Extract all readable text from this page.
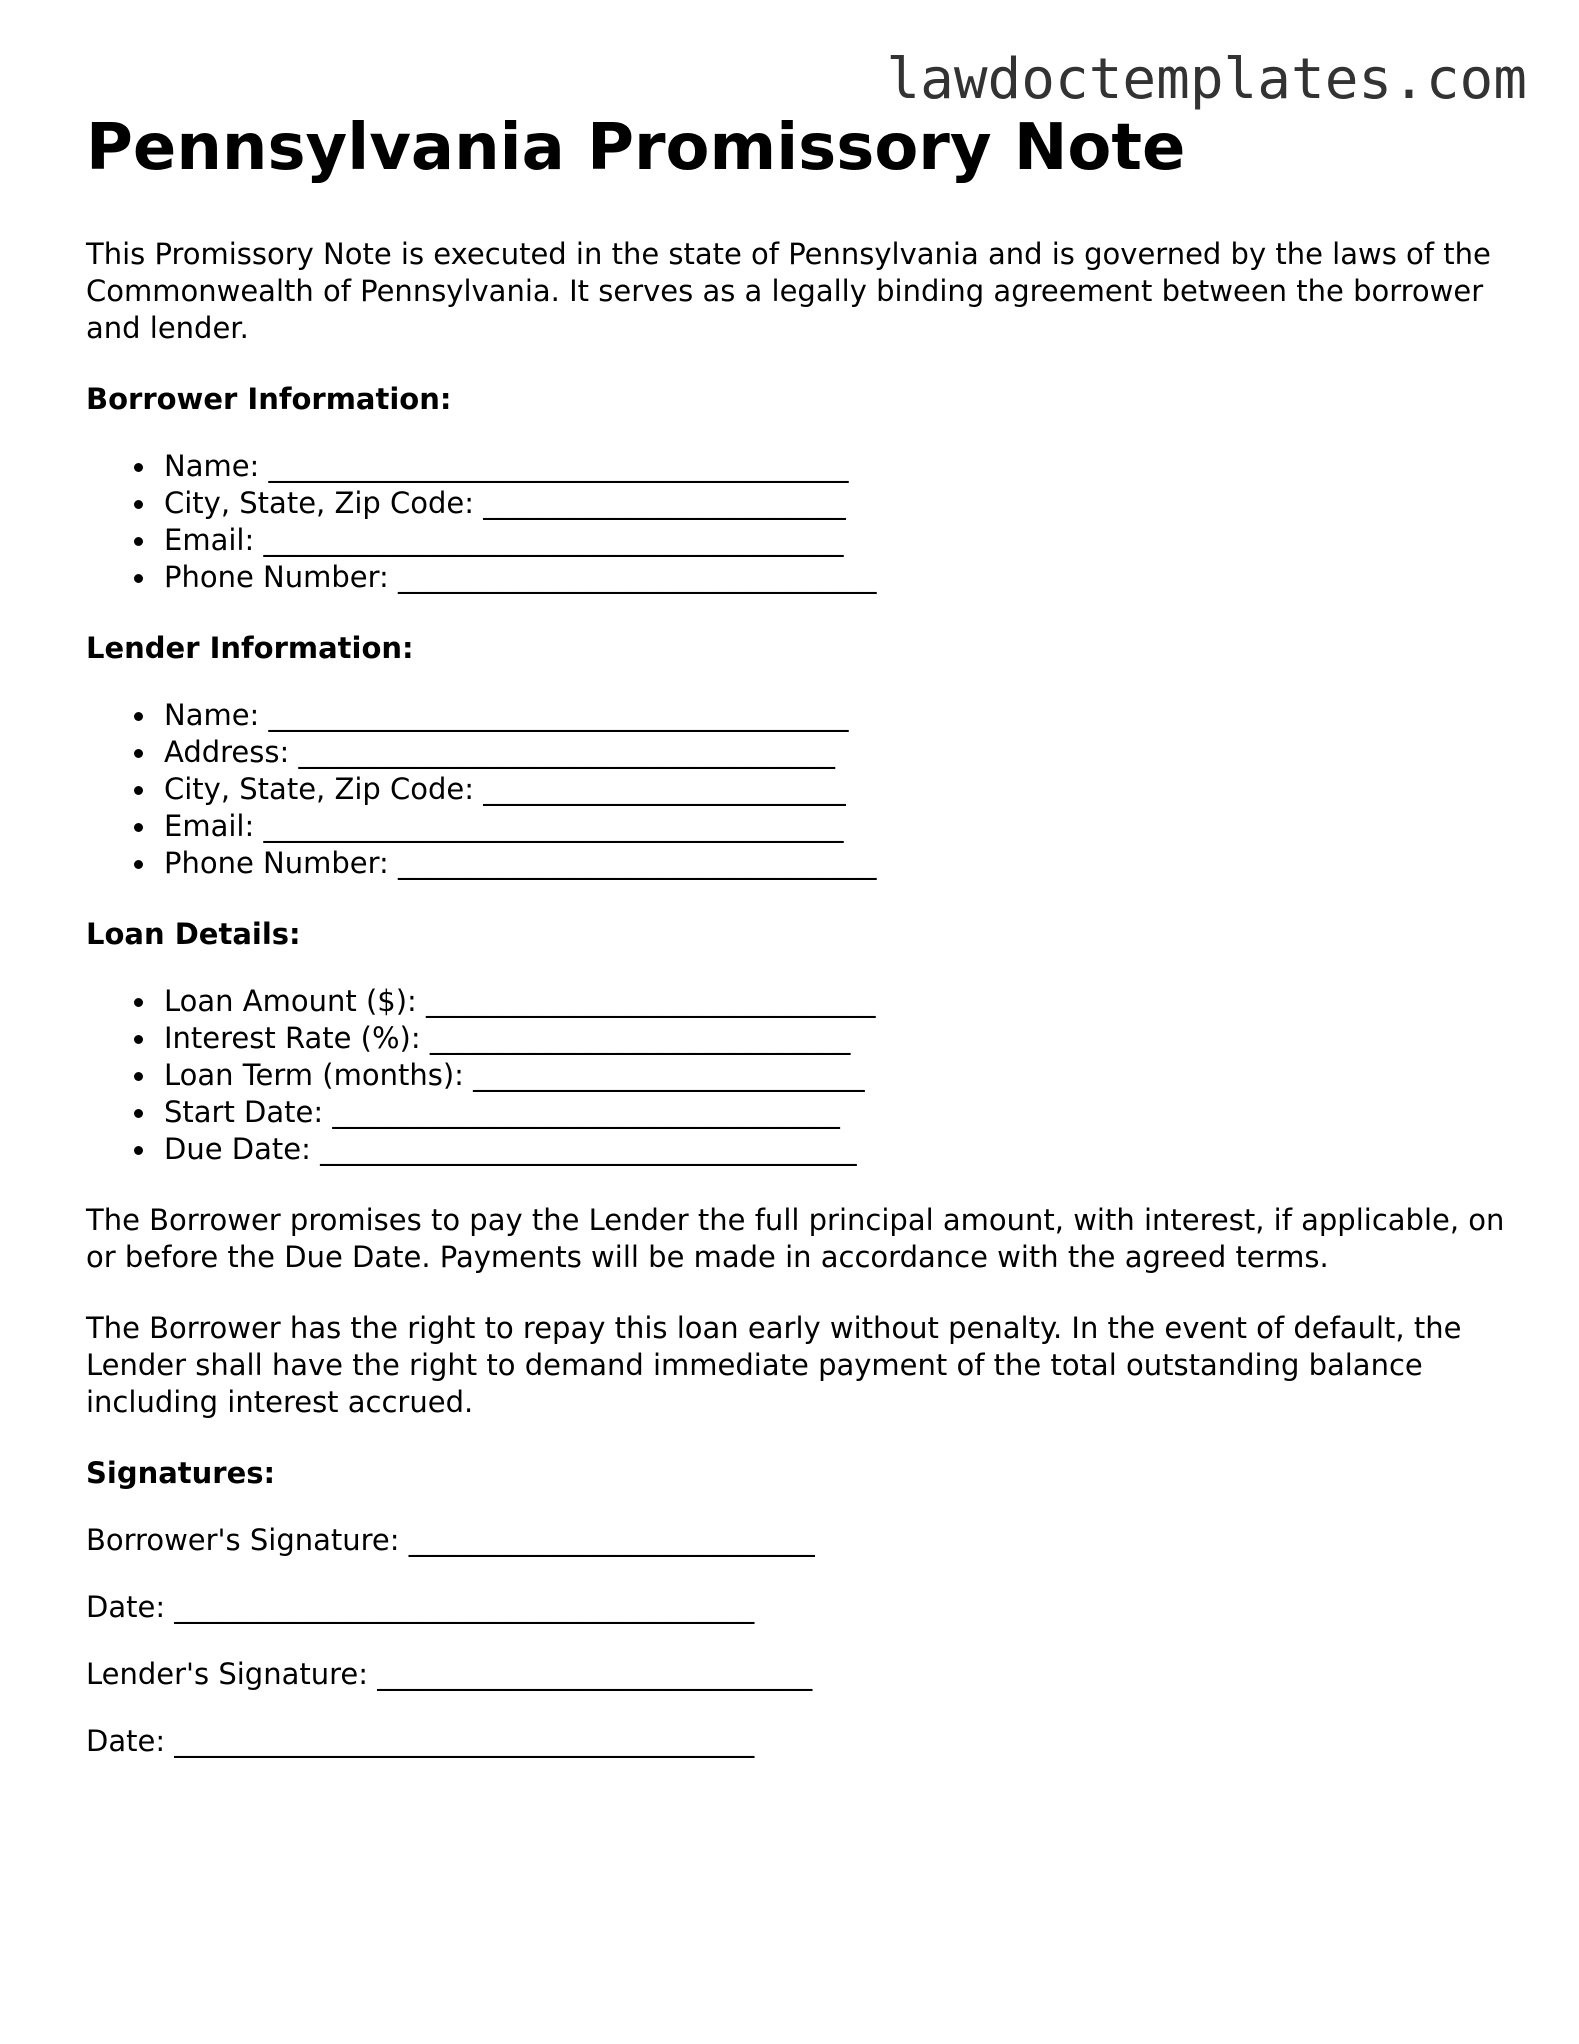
lawdoctemplates.com
Pennsylvania Promissory Note

This Promissory Note is executed in the state of Pennsylvania and is governed by the laws of the Commonwealth of Pennsylvania. It serves as a legally binding agreement between the borrower and lender.

Borrower Information:
Name: ________________________________________
City, State, Zip Code: _________________________
Email: ________________________________________
Phone Number: _________________________________
Lender Information:
Name: ________________________________________
Address: _____________________________________
City, State, Zip Code: _________________________
Email: ________________________________________
Phone Number: _________________________________
Loan Details:
Loan Amount ($): _______________________________
Interest Rate (%): _____________________________
Loan Term (months): ___________________________
Start Date: ___________________________________
Due Date: _____________________________________

The Borrower promises to pay the Lender the full principal amount, with interest, if applicable, on or before the Due Date. Payments will be made in accordance with the agreed terms.

The Borrower has the right to repay this loan early without penalty. In the event of default, the Lender shall have the right to demand immediate payment of the total outstanding balance including interest accrued.

Signatures:
Borrower's Signature: ____________________________
Date: ________________________________________
Lender's Signature: ______________________________
Date: ________________________________________
